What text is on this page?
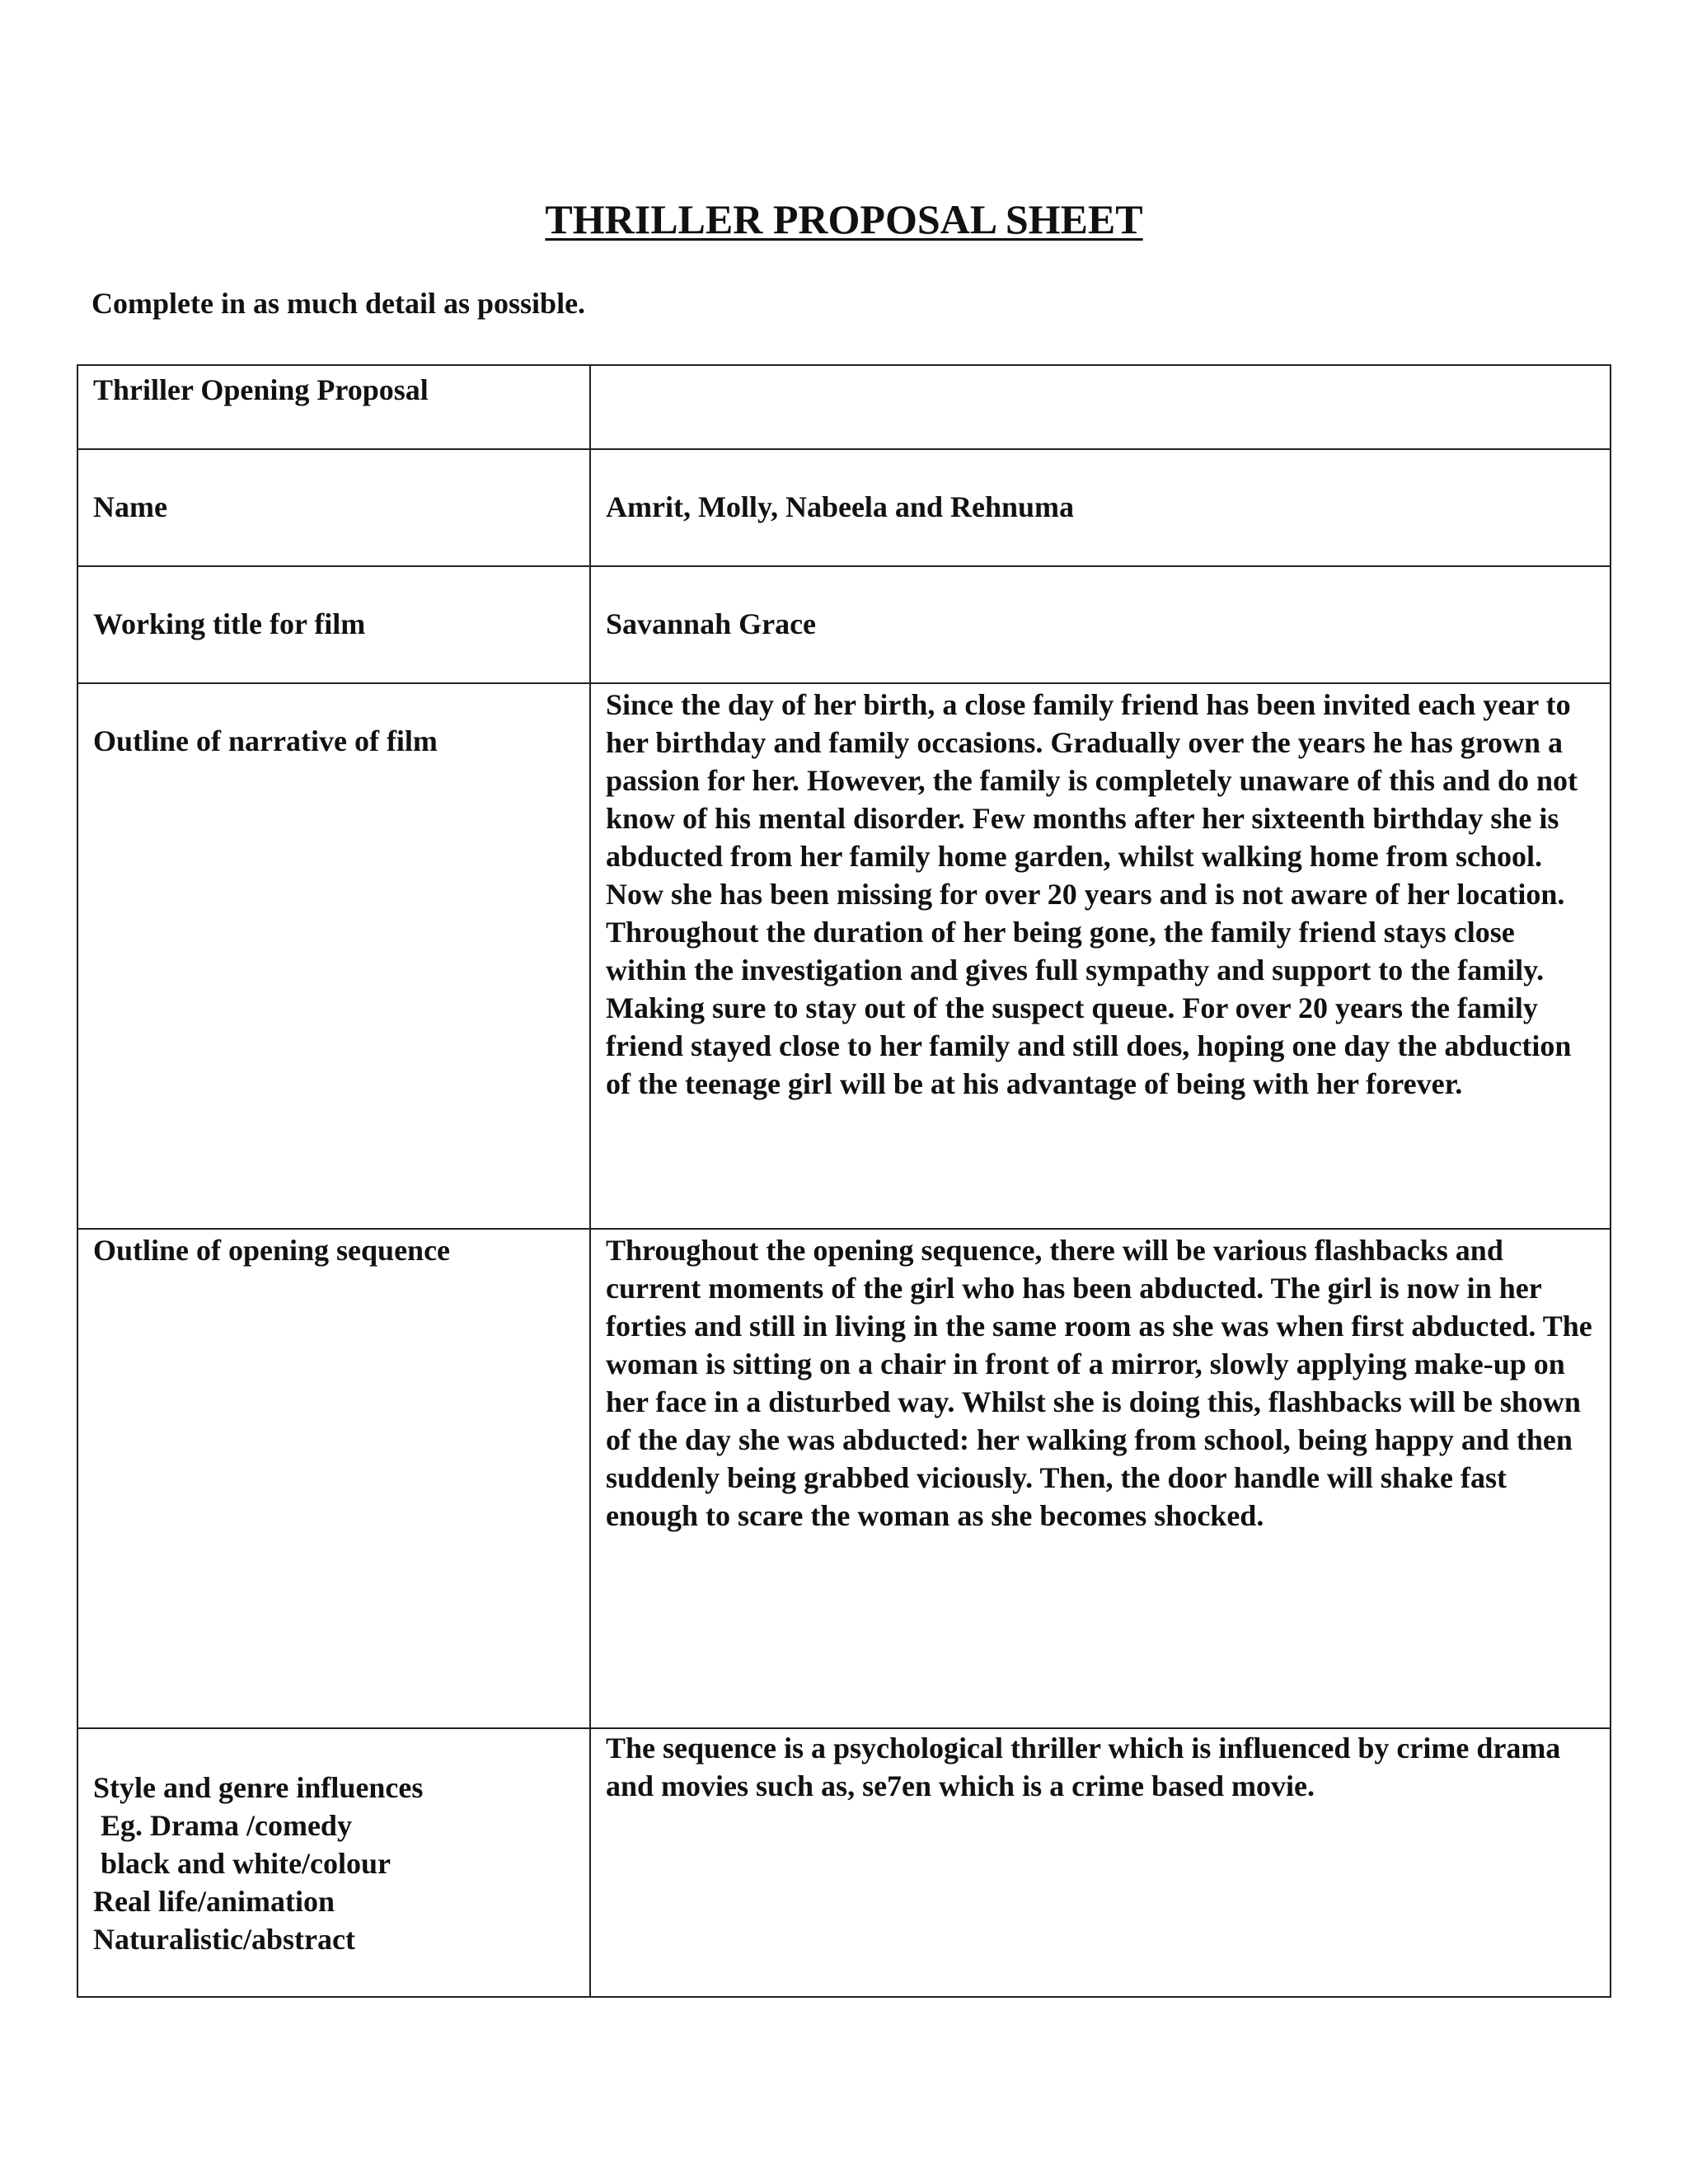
THRILLER PROPOSAL SHEET

Complete in as much detail as possible.

Thriller Opening Proposal	

Name	Amrit, Molly, Nabeela and Rehnuma

Working title for film	Savannah Grace

Outline of narrative of film	Since the day of her birth, a close family friend has been invited each year to her birthday and family occasions. Gradually over the years he has grown a passion for her. However, the family is completely unaware of this and do not know of his mental disorder. Few months after her sixteenth birthday she is abducted from her family home garden, whilst walking home from school. Now she has been missing for over 20 years and is not aware of her location. Throughout the duration of her being gone, the family friend stays close within the investigation and gives full sympathy and support to the family. Making sure to stay out of the suspect queue. For over 20 years the family friend stayed close to her family and still does, hoping one day the abduction of the teenage girl will be at his advantage of being with her forever.

Outline of opening sequence	Throughout the opening sequence, there will be various flashbacks and current moments of the girl who has been abducted. The girl is now in her forties and still in living in the same room as she was when first abducted. The woman is sitting on a chair in front of a mirror, slowly applying make-up on her face in a disturbed way. Whilst she is doing this, flashbacks will be shown of the day she was abducted: her walking from school, being happy and then suddenly being grabbed viciously. Then, the door handle will shake fast enough to scare the woman as she becomes shocked.

Style and genre influences
Eg. Drama /comedy
black and white/colour
Real life/animation
Naturalistic/abstract	The sequence is a psychological thriller which is influenced by crime drama and movies such as, se7en which is a crime based movie.
